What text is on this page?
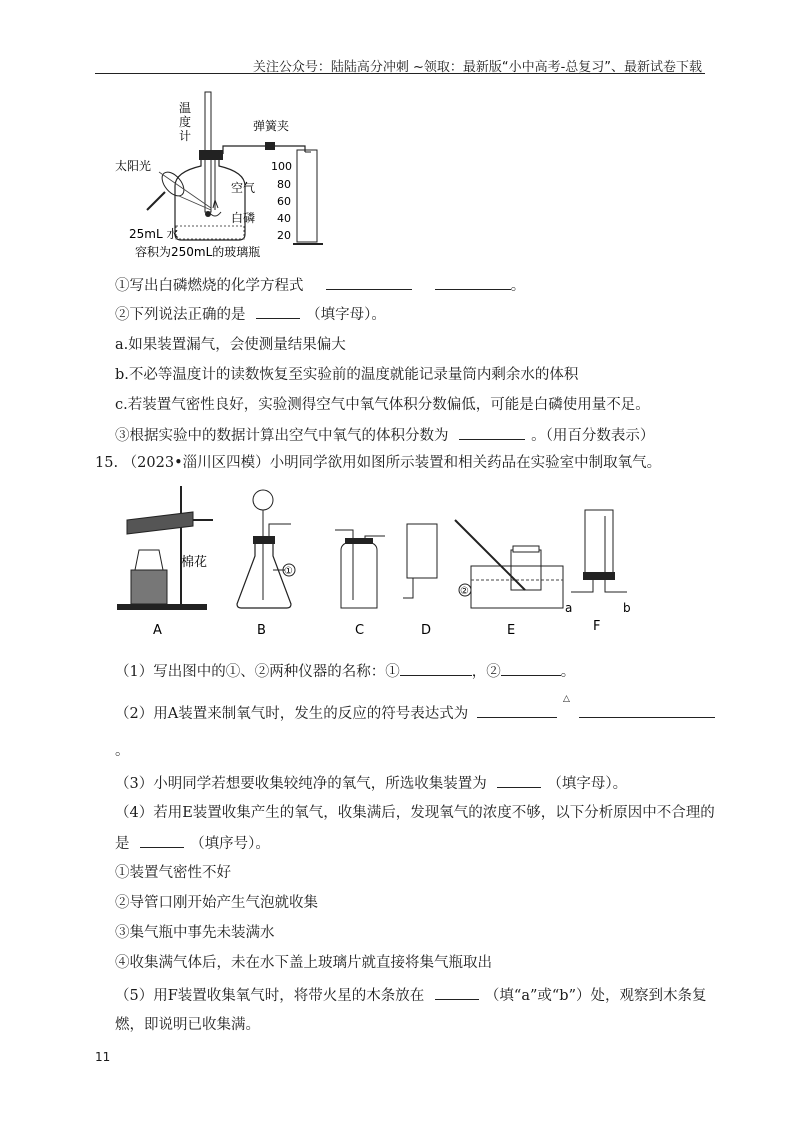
关注公众号：陆陆高分冲刺 ~领取：最新版“小中高考-总复习”、最新试卷下载
温
度
计
弹簧夹
100
80
60
40
20
太阳光
空气
白磷
25mL 水
容积为250mL的玻璃瓶
①写出白磷燃烧的化学方程式	。
②下列说法正确的是	（填字母）。
a.如果装置漏气，会使测量结果偏大
b.不必等温度计的读数恢复至实验前的温度就能记录量筒内剩余水的体积
c.若装置气密性良好，实验测得空气中氧气体积分数偏低，可能是白磷使用量不足。
③根据实验中的数据计算出空气中氧气的体积分数为	。（用百分数表示）
15. （2023•淄川区四模）小明同学欲用如图所示装置和相关药品在实验室中制取氧气。
棉花
A
①
B	C	D
②
E
a	b
F
（1）写出图中的①、②两种仪器的名称：①	，②	。
△
（2）用A装置来制氧气时，发生的反应的符号表达式为
。
（3）小明同学若想要收集较纯净的氧气，所选收集装置为	（填字母）。
（4）若用E装置收集产生的氧气，收集满后，发现氧气的浓度不够，以下分析原因中不合理的
是	（填序号）。
①装置气密性不好
②导管口刚开始产生气泡就收集
③集气瓶中事先未装满水
④收集满气体后，未在水下盖上玻璃片就直接将集气瓶取出
（5）用F装置收集氧气时，将带火星的木条放在	（填“a”或“b”）处，观察到木条复
燃，即说明已收集满。
11
